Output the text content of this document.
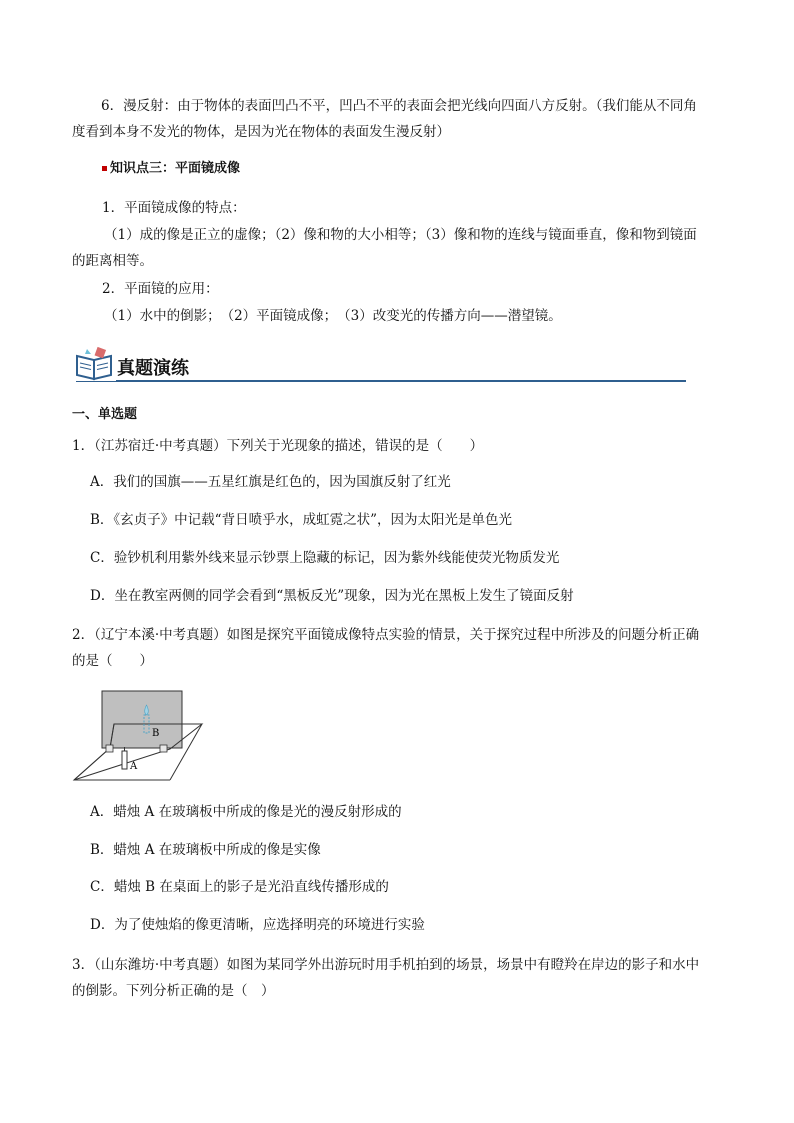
6．漫反射：由于物体的表面凹凸不平，凹凸不平的表面会把光线向四面八方反射。（我们能从不同角
度看到本身不发光的物体，是因为光在物体的表面发生漫反射）
知识点三：平面镜成像
1．平面镜成像的特点：
（1）成的像是正立的虚像；（2）像和物的大小相等；（3）像和物的连线与镜面垂直，像和物到镜面
的距离相等。
2．平面镜的应用：
（1）水中的倒影；　（2）平面镜成像；　（3）改变光的传播方向——潜望镜。
真题演练
一、单选题
1．（江苏宿迁·中考真题）下列关于光现象的描述，错误的是（　　）
A．我们的国旗——五星红旗是红色的，因为国旗反射了红光
B．《玄贞子》中记载“背日喷乎水，成虹霓之状”，因为太阳光是单色光
C．验钞机利用紫外线来显示钞票上隐藏的标记，因为紫外线能使荧光物质发光
D．坐在教室两侧的同学会看到“黑板反光”现象，因为光在黑板上发生了镜面反射
2．（辽宁本溪·中考真题）如图是探究平面镜成像特点实验的情景，关于探究过程中所涉及的问题分析正确
的是（　　）
B
A
A．蜡烛 A 在玻璃板中所成的像是光的漫反射形成的
B．蜡烛 A 在玻璃板中所成的像是实像
C．蜡烛 B 在桌面上的影子是光沿直线传播形成的
D．为了使烛焰的像更清晰，应选择明亮的环境进行实验
3．（山东潍坊·中考真题）如图为某同学外出游玩时用手机拍到的场景，场景中有瞪羚在岸边的影子和水中
的倒影。下列分析正确的是（　）
